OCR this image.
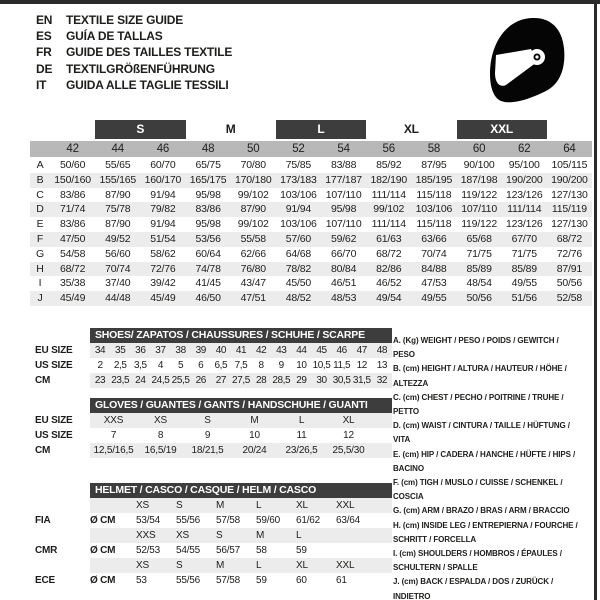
EN	TEXTILE SIZE GUIDE
ES	GUÍA DE TALLAS
FR	GUIDE DES TAILLES TEXTILE
DE	TEXTILGRÖßENFÜHRUNG
IT	GUIDA ALLE TAGLIE TESSILI
S	M	L	XL	XXL
42	44	46	48	50	52	54	56	58	60	62	64
A	50/60	55/65	60/70	65/75	70/80	75/85	83/88	85/92	87/95	90/100	95/100	105/115
B	150/160 155/165 160/170 165/175 170/180 173/183 177/187 182/190 185/195 187/198 190/200 190/200
C	83/86	87/90	91/94	95/98	99/102	103/106 107/110 111/114	115/118 119/122 123/126 127/130
D	71/74	75/78	79/82	83/86	87/90	91/94	95/98	99/102	103/106 107/110 111/114	115/119
E	83/86	87/90	91/94	95/98	99/102	103/106 107/110 111/114	115/118 119/122 123/126 127/130
F	47/50	49/52	51/54	53/56	55/58	57/60	59/62	61/63	63/66	65/68	67/70	68/72
G	54/58	56/60	58/62	60/64	62/66	64/68	66/70	68/72	70/74	71/75	71/75	72/76
H	68/72	70/74	72/76	74/78	76/80	78/82	80/84	82/86	84/88	85/89	85/89	87/91
I	35/38	37/40	39/42	41/45	43/47	45/50	46/51	46/52	47/53	48/54	49/55	50/56
J	45/49	44/48	45/49	46/50	47/51	48/52	48/53	49/54	49/55	50/56	51/56	52/58
SHOES/ ZAPATOS / CHAUSSURES / SCHUHE / SCARPE
EU SIZE	34 35 36 37 38 39 40 41 42 43 44 45 46 47 48
US SIZE	2	2,5 3,5	4	5	6	6,5 7,5	8	9	10 10,5 11,5 12 13
CM	23 23,5 24 24,5 25,5 26 27 27,5 28 28,5 29 30 30,5 31,5 32
GLOVES / GUANTES / GANTS / HANDSCHUHE / GUANTI
EU SIZE	XXS	XS	S	M	L	XL
US SIZE	7	8	9	10	11	12
CM	12,5/16,5	16,5/19	18/21,5	20/24	23/26,5	25,5/30
HELMET / CASCO / CASQUE / HELM / CASCO
XS	S	M	L	XL	XXL
FIA	Ø CM	53/54	55/56	57/58	59/60	61/62	63/64
XXS	XS	S	M	L
CMR	Ø CM	52/53	54/55	56/57	58	59
XS	S	M	L	XL	XXL
ECE	Ø CM	53	55/56	57/58	59	60	61
A. (Kg) WEIGHT / PESO / POIDS / GEWITCH / PESO
B. (cm) HEIGHT / ALTURA / HAUTEUR / HÖHE / ALTEZZA
C. (cm) CHEST / PECHO / POITRINE / TRUHE / PETTO
D. (cm) WAIST / CINTURA / TAILLE / HÜFTUNG / VITA
E. (cm) HIP / CADERA / HANCHE / HÜFTE / HIPS / BACINO
F. (cm) TIGH / MUSLO / CUISSE / SCHENKEL / COSCIA
G. (cm) ARM / BRAZO / BRAS / ARM / BRACCIO
H. (cm) INSIDE LEG / ENTREPIERNA / FOURCHE / SCHRITT / FORCELLA
I. (cm) SHOULDERS / HOMBROS / ÉPAULES / SCHULTERN / SPALLE
J. (cm) BACK / ESPALDA / DOS / ZURÜCK / INDIETRO
